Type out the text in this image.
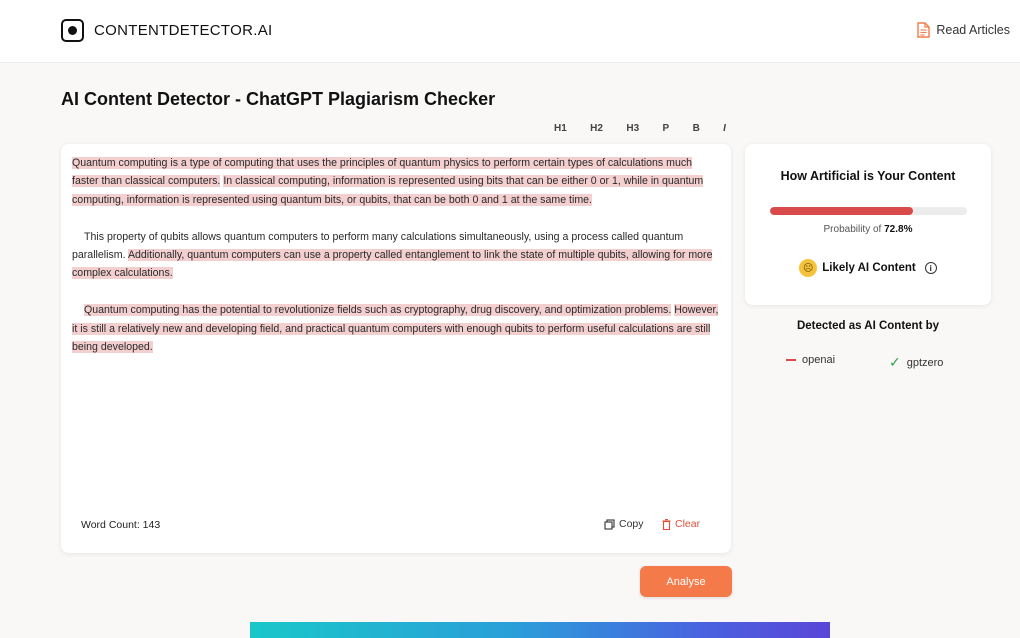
CONTENTDETECTOR.AI	Read Articles
AI Content Detector - ChatGPT Plagiarism Checker
H1	H2	H3	P	B	I

Quantum computing is a type of computing that uses the principles of quantum physics to perform certain types of calculations much faster than classical computers. In classical computing, information is represented using bits that can be either 0 or 1, while in quantum computing, information is represented using quantum bits, or qubits, that can be both 0 and 1 at the same time.

This property of qubits allows quantum computers to perform many calculations simultaneously, using a process called quantum parallelism. Additionally, quantum computers can use a property called entanglement to link the state of multiple qubits, allowing for more complex calculations.

Quantum computing has the potential to revolutionize fields such as cryptography, drug discovery, and optimization problems. However, it is still a relatively new and developing field, and practical quantum computers with enough qubits to perform useful calculations are still being developed.

Word Count: 143	Copy	Clear
Analyse
How Artificial is Your Content
Probability of 72.8%
☹ Likely AI Content	i
Detected as AI Content by
openai	✓ gptzero
